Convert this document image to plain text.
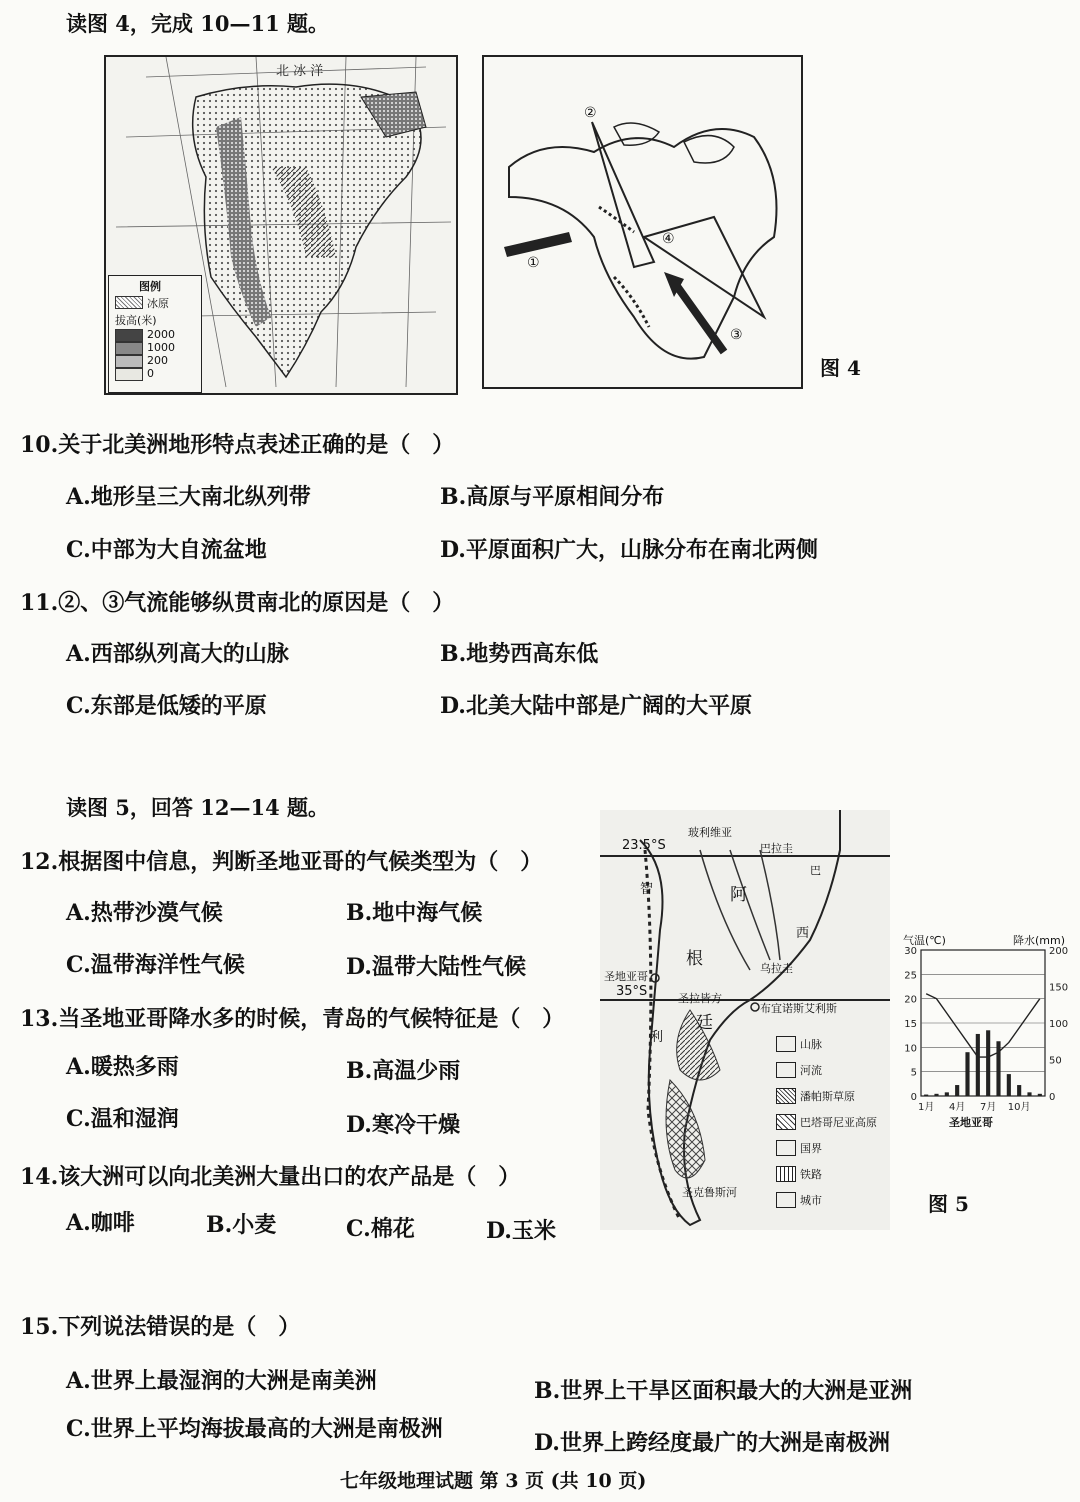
读图 4，完成 10—11 题。
北 冰 洋
图例
冰原
拔高(米)
2000
1000
200
0
①
②
③
④
图 4
10.关于北美洲地形特点表述正确的是（　）
A.地形呈三大南北纵列带	B.高原与平原相间分布
C.中部为大自流盆地	D.平原面积广大，山脉分布在南北两侧
11.②、③气流能够纵贯南北的原因是（　）
A.西部纵列高大的山脉	B.地势西高东低
C.东部是低矮的平原	D.北美大陆中部是广阔的大平原
读图 5，回答 12—14 题。
12.根据图中信息，判断圣地亚哥的气候类型为（　）
A.热带沙漠气候	B.地中海气候
C.温带海洋性气候	D.温带大陆性气候
13.当圣地亚哥降水多的时候，青岛的气候特征是（　）
A.暖热多雨	B.高温少雨
C.温和湿润	D.寒冷干燥
14.该大洲可以向北美洲大量出口的农产品是（　）
A.咖啡	B.小麦	C.棉花	D.玉米
23.5°S
35°S
玻利维亚
巴拉圭
巴
阿
根
廷
西
乌拉圭
圣地亚哥
圣拉皆方
布宜诺斯艾利斯
智
利
圣克鲁斯河
山脉
河流
潘帕斯草原
巴塔哥尼亚高原
国界
铁路
城市
气温(℃)	降水(mm)
30
25
20
15
10
5
0
200
150
100
50
0
1月 4月 7月 10月
圣地亚哥
图 5
15.下列说法错误的是（　）
A.世界上最湿润的大洲是南美洲	B.世界上干旱区面积最大的大洲是亚洲
C.世界上平均海拔最高的大洲是南极洲
D.世界上跨经度最广的大洲是南极洲
七年级地理试题 第 3 页 (共 10 页)
